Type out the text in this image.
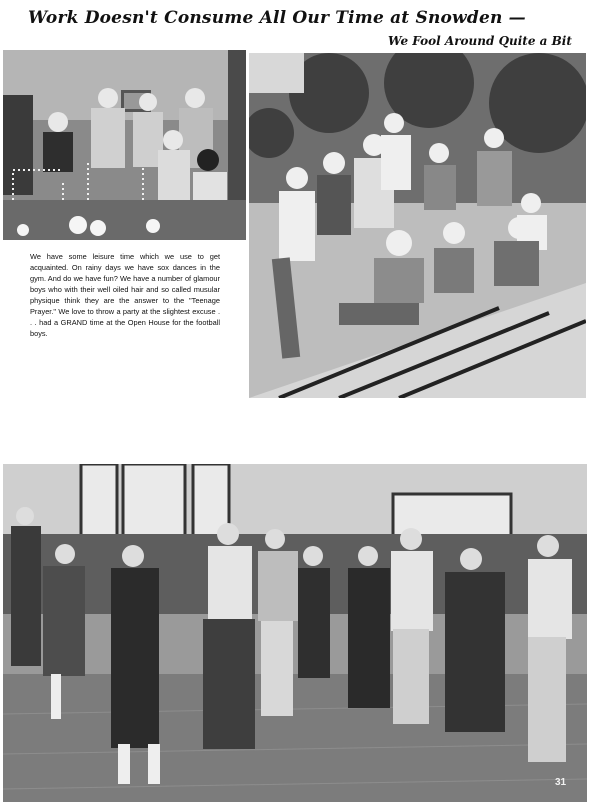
Work Doesn't Consume All Our Time at Snowden —
We Fool Around Quite a Bit
We have some leisure time which we use to get acquainted. On rainy days we have sox dances in the gym. And do we have fun? We have a number of glamour boys who with their well oiled hair and so called musular physique think they are the answer to the "Teenage Prayer." We love to throw a party at the slightest excuse . . . had a GRAND time at the Open House for the football boys.
31
